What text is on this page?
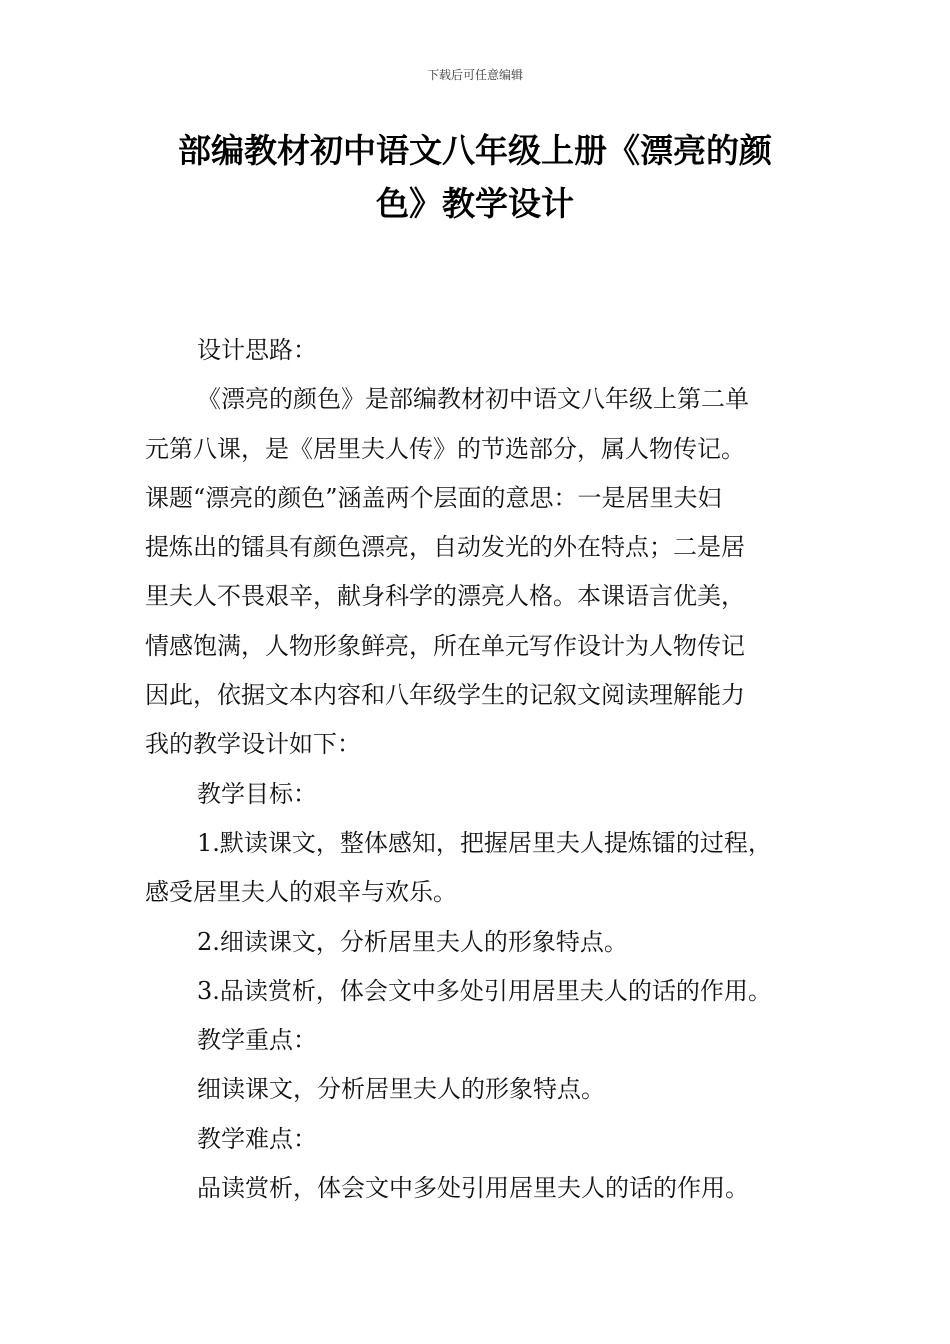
下载后可任意编辑
部编教材初中语文八年级上册《漂亮的颜
色》教学设计
设计思路：
《漂亮的颜色》是部编教材初中语文八年级上第二单
元第八课，是《居里夫人传》的节选部分，属人物传记。
课题“漂亮的颜色”涵盖两个层面的意思：一是居里夫妇
提炼出的镭具有颜色漂亮，自动发光的外在特点；二是居
里夫人不畏艰辛，献身科学的漂亮人格。本课语言优美，
情感饱满，人物形象鲜亮，所在单元写作设计为人物传记
因此，依据文本内容和八年级学生的记叙文阅读理解能力
我的教学设计如下：
教学目标：
1.默读课文，整体感知，把握居里夫人提炼镭的过程，
感受居里夫人的艰辛与欢乐。
2.细读课文，分析居里夫人的形象特点。
3.品读赏析，体会文中多处引用居里夫人的话的作用。
教学重点：
细读课文，分析居里夫人的形象特点。
教学难点：
品读赏析，体会文中多处引用居里夫人的话的作用。
